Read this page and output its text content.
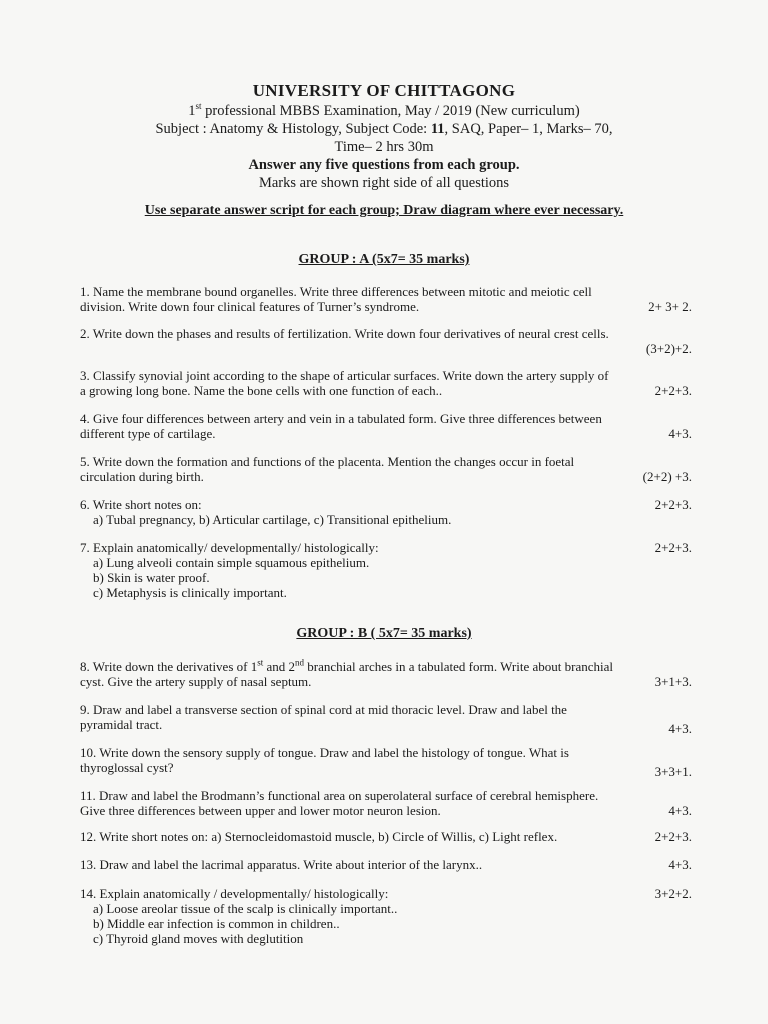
UNIVERSITY OF CHITTAGONG
1st professional MBBS Examination, May / 2019 (New curriculum)
Subject : Anatomy & Histology, Subject Code: 11, SAQ, Paper– 1, Marks– 70,
Time– 2 hrs 30m
Answer any five questions from each group.
Marks are shown right side of all questions
Use separate answer script for each group; Draw diagram where ever necessary.
GROUP : A (5x7= 35 marks)
1. Name the membrane bound organelles. Write three differences between mitotic and meiotic cell
division. Write down four clinical features of Turner’s syndrome.	2+ 3+ 2.
2. Write down the phases and results of fertilization. Write down four derivatives of neural crest cells.
(3+2)+2.

3. Classify synovial joint according to the shape of articular surfaces. Write down the artery supply of
a growing long bone. Name the bone cells with one function of each..	2+2+3.
4. Give four differences between artery and vein in a tabulated form. Give three differences between
different type of cartilage.	4+3.
5. Write down the formation and functions of the placenta. Mention the changes occur in foetal
circulation during birth.	(2+2) +3.
6. Write short notes on:	2+2+3.
a) Tubal pregnancy, b) Articular cartilage, c) Transitional epithelium.
7. Explain anatomically/ developmentally/ histologically:	2+2+3.
a) Lung alveoli contain simple squamous epithelium.
b) Skin is water proof.
c) Metaphysis is clinically important.
GROUP : B ( 5x7= 35 marks)
8. Write down the derivatives of 1st and 2nd branchial arches in a tabulated form. Write about branchial
cyst. Give the artery supply of nasal septum.	3+1+3.
9. Draw and label a transverse section of spinal cord at mid thoracic level. Draw and label the
pyramidal tract.	4+3.
10. Write down the sensory supply of tongue. Draw and label the histology of tongue. What is
thyroglossal cyst?	3+3+1.
11. Draw and label the Brodmann’s functional area on superolateral surface of cerebral hemisphere.
Give three differences between upper and lower motor neuron lesion.	4+3.
12. Write short notes on: a) Sternocleidomastoid muscle, b) Circle of Willis, c) Light reflex.	2+2+3.
13. Draw and label the lacrimal apparatus. Write about interior of the larynx..	4+3.
14. Explain anatomically / developmentally/ histologically:	3+2+2.
a) Loose areolar tissue of the scalp is clinically important..
b) Middle ear infection is common in children..
c) Thyroid gland moves with deglutition
